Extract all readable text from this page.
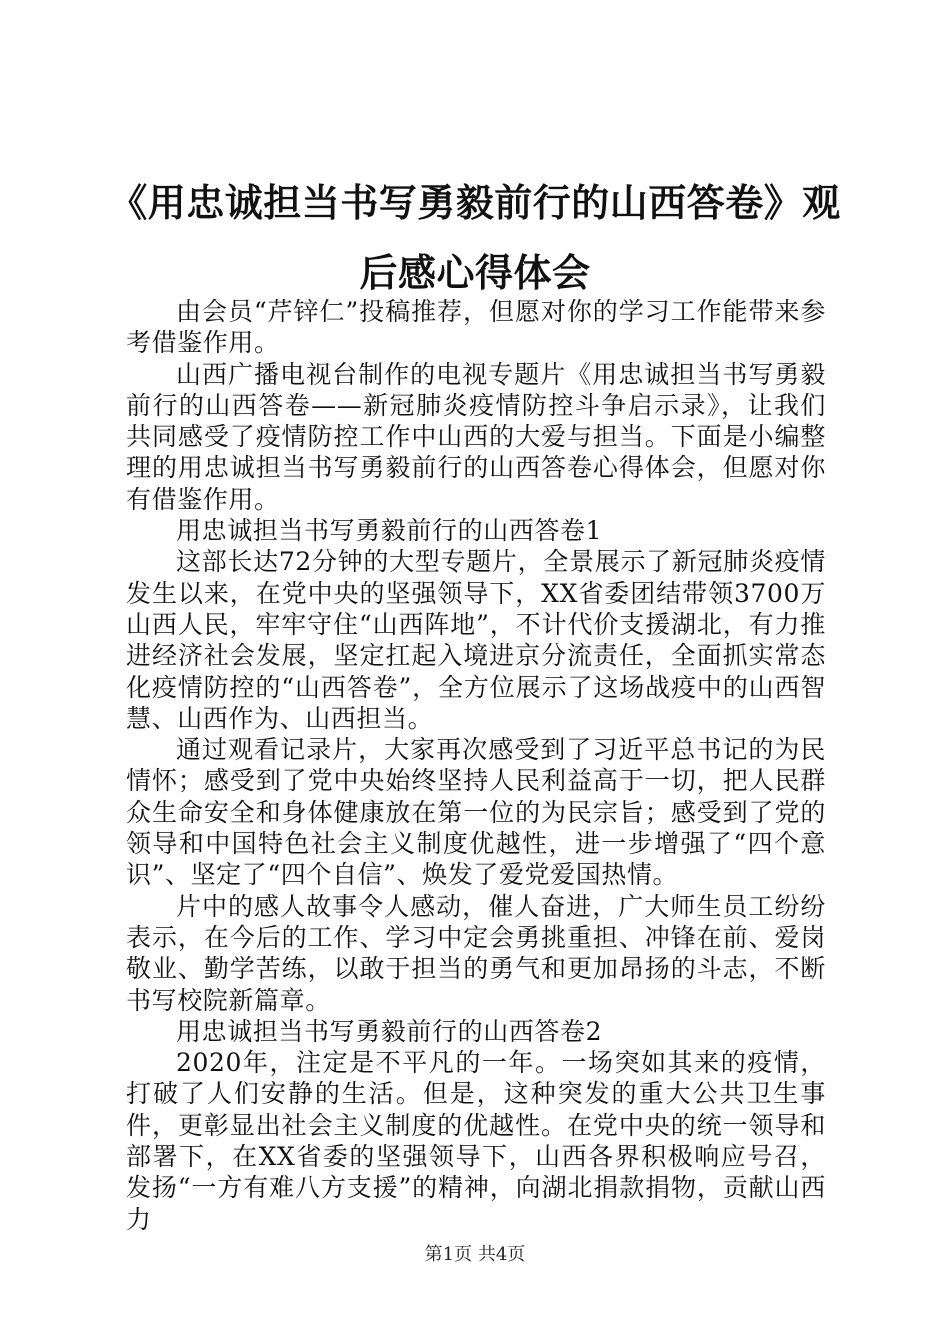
《用忠诚担当书写勇毅前行的山西答卷》观后感心得体会

由会员“芹锌仁”投稿推荐，但愿对你的学习工作能带来参考借鉴作用。

山西广播电视台制作的电视专题片《用忠诚担当书写勇毅前行的山西答卷——新冠肺炎疫情防控斗争启示录》，让我们共同感受了疫情防控工作中山西的大爱与担当。下面是小编整理的用忠诚担当书写勇毅前行的山西答卷心得体会，但愿对你有借鉴作用。

用忠诚担当书写勇毅前行的山西答卷1

这部长达72分钟的大型专题片，全景展示了新冠肺炎疫情发生以来，在党中央的坚强领导下，XX省委团结带领3700万山西人民，牢牢守住“山西阵地”，不计代价支援湖北，有力推进经济社会发展，坚定扛起入境进京分流责任，全面抓实常态化疫情防控的“山西答卷”，全方位展示了这场战疫中的山西智慧、山西作为、山西担当。

通过观看记录片，大家再次感受到了习近平总书记的为民情怀；感受到了党中央始终坚持人民利益高于一切，把人民群众生命安全和身体健康放在第一位的为民宗旨；感受到了党的领导和中国特色社会主义制度优越性，进一步增强了“四个意识”、坚定了“四个自信”、焕发了爱党爱国热情。

片中的感人故事令人感动，催人奋进，广大师生员工纷纷表示，在今后的工作、学习中定会勇挑重担、冲锋在前、爱岗敬业、勤学苦练，以敢于担当的勇气和更加昂扬的斗志，不断书写校院新篇章。

用忠诚担当书写勇毅前行的山西答卷2

2020年，注定是不平凡的一年。一场突如其来的疫情，打破了人们安静的生活。但是，这种突发的重大公共卫生事件，更彰显出社会主义制度的优越性。在党中央的统一领导和部署下，在XX省委的坚强领导下，山西各界积极响应号召，发扬“一方有难八方支援”的精神，向湖北捐款捐物，贡献山西力

第1页 共4页
